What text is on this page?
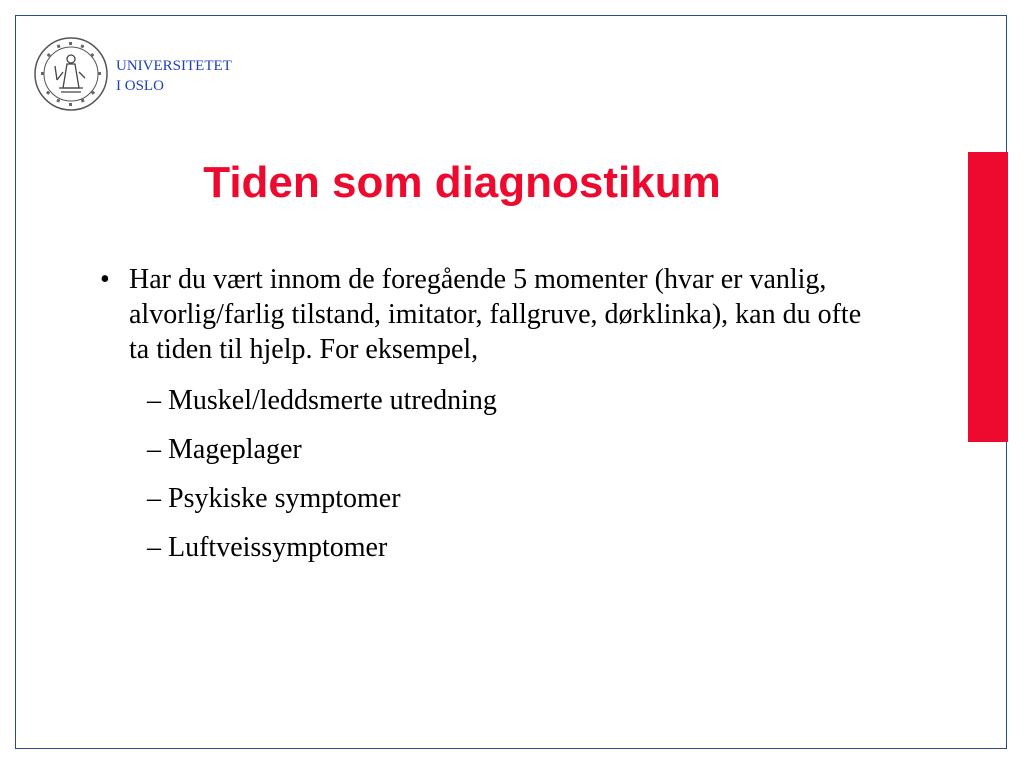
UNIVERSITETET
I OSLO
Tiden som diagnostikum
• Har du vært innom de foregående 5 momenter (hvar er vanlig, alvorlig/farlig tilstand, imitator, fallgruve, dørklinka), kan du ofte ta tiden til hjelp. For eksempel,
– Muskel/leddsmerte utredning
– Mageplager
– Psykiske symptomer
– Luftveissymptomer
